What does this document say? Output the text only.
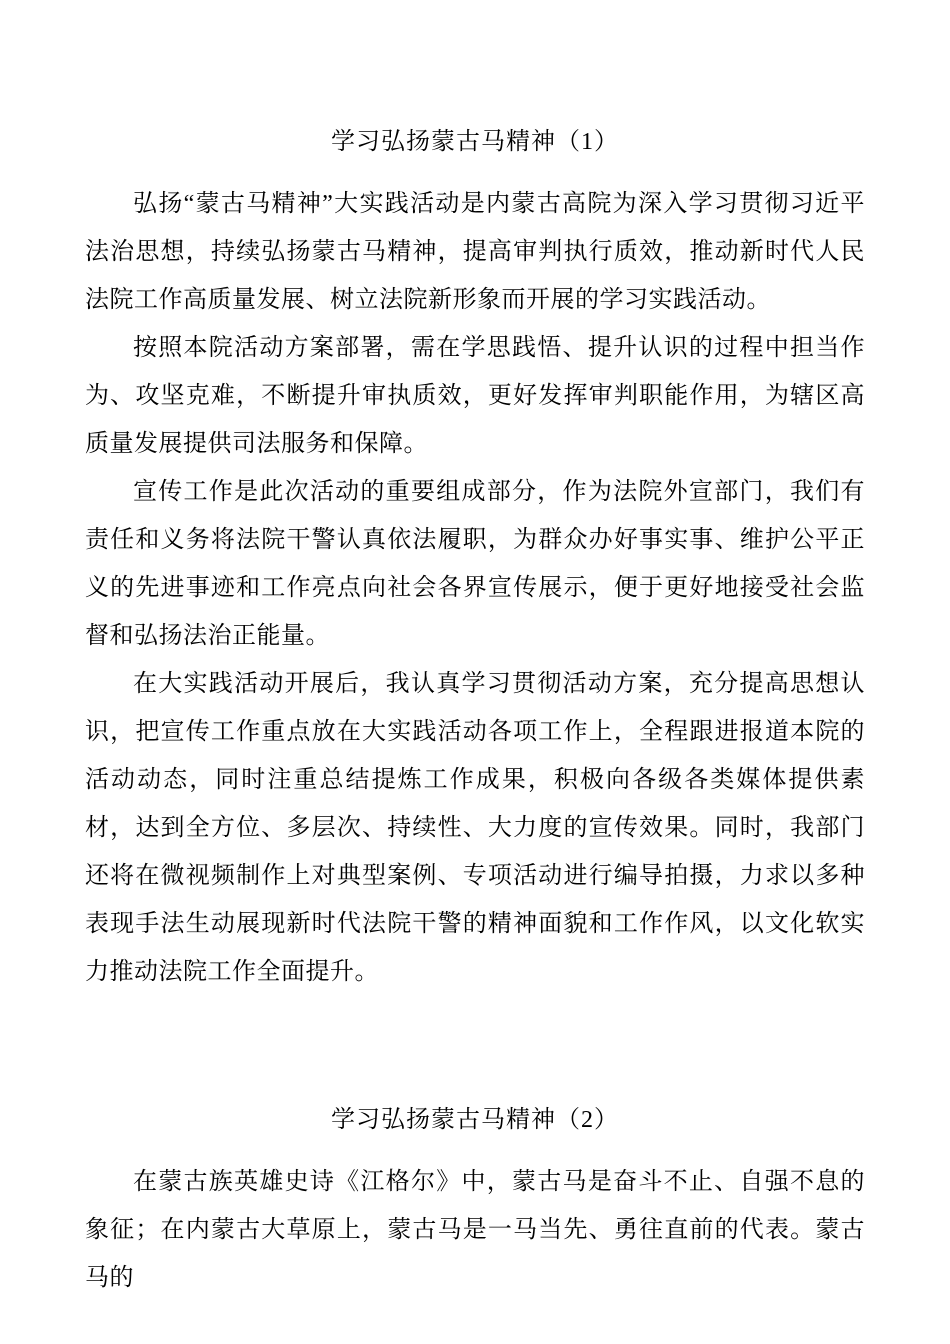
学习弘扬蒙古马精神（1）

弘扬“蒙古马精神”大实践活动是内蒙古高院为深入学习贯彻习近平法治思想，持续弘扬蒙古马精神，提高审判执行质效，推动新时代人民法院工作高质量发展、树立法院新形象而开展的学习实践活动。

按照本院活动方案部署，需在学思践悟、提升认识的过程中担当作为、攻坚克难，不断提升审执质效，更好发挥审判职能作用，为辖区高质量发展提供司法服务和保障。

宣传工作是此次活动的重要组成部分，作为法院外宣部门，我们有责任和义务将法院干警认真依法履职，为群众办好事实事、维护公平正义的先进事迹和工作亮点向社会各界宣传展示，便于更好地接受社会监督和弘扬法治正能量。

在大实践活动开展后，我认真学习贯彻活动方案，充分提高思想认识，把宣传工作重点放在大实践活动各项工作上，全程跟进报道本院的活动动态，同时注重总结提炼工作成果，积极向各级各类媒体提供素材，达到全方位、多层次、持续性、大力度的宣传效果。同时，我部门还将在微视频制作上对典型案例、专项活动进行编导拍摄，力求以多种表现手法生动展现新时代法院干警的精神面貌和工作作风，以文化软实力推动法院工作全面提升。

学习弘扬蒙古马精神（2）

在蒙古族英雄史诗《江格尔》中，蒙古马是奋斗不止、自强不息的象征；在内蒙古大草原上，蒙古马是一马当先、勇往直前的代表。蒙古马的
